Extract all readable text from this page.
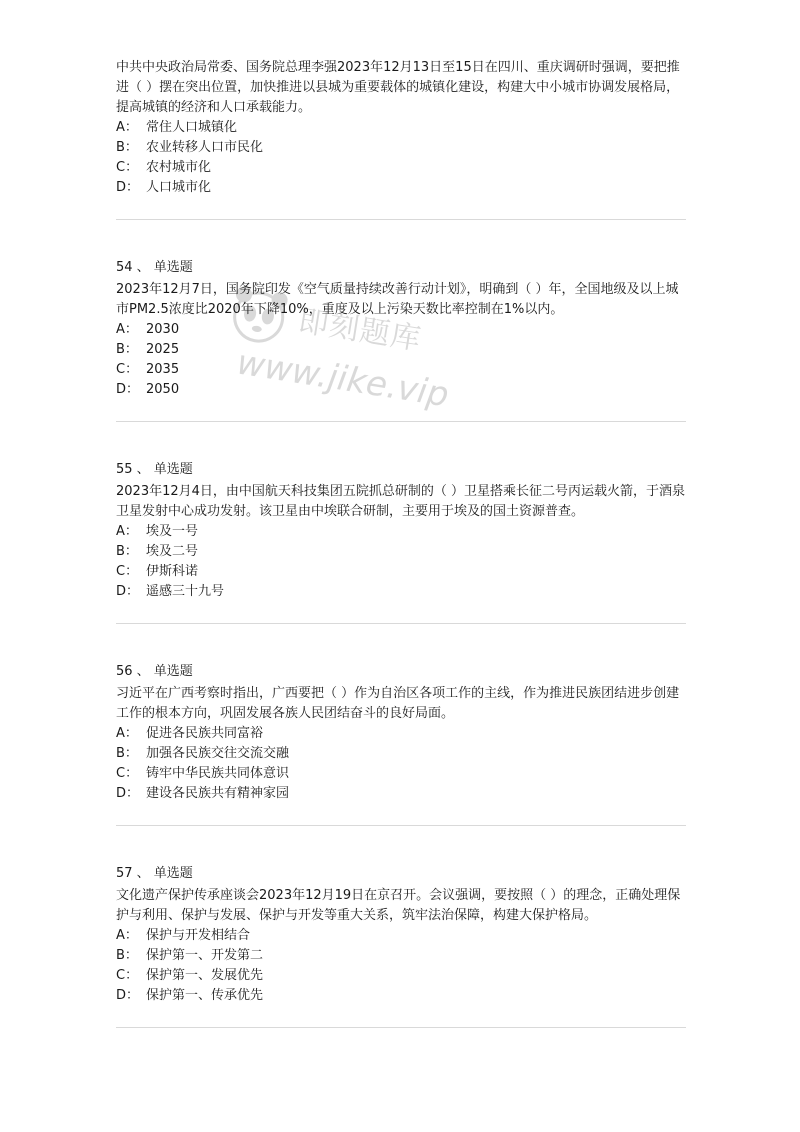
即刻题库
www.jike.vip
中共中央政治局常委、国务院总理李强2023年12月13日至15日在四川、重庆调研时强调，要把推进（ ）摆在突出位置，加快推进以县城为重要载体的城镇化建设，构建大中小城市协调发展格局，提高城镇的经济和人口承载能力。
A： 常住人口城镇化
B： 农业转移人口市民化
C： 农村城市化
D： 人口城市化
54 、 单选题
2023年12月7日，国务院印发《空气质量持续改善行动计划》，明确到（ ）年，全国地级及以上城市PM2.5浓度比2020年下降10%，重度及以上污染天数比率控制在1%以内。
A： 2030
B： 2025
C： 2035
D： 2050
55 、 单选题
2023年12月4日，由中国航天科技集团五院抓总研制的（ ）卫星搭乘长征二号丙运载火箭，于酒泉卫星发射中心成功发射。该卫星由中埃联合研制，主要用于埃及的国土资源普查。
A： 埃及一号
B： 埃及二号
C： 伊斯科诺
D： 遥感三十九号
56 、 单选题
习近平在广西考察时指出，广西要把（ ）作为自治区各项工作的主线，作为推进民族团结进步创建工作的根本方向，巩固发展各族人民团结奋斗的良好局面。
A： 促进各民族共同富裕
B： 加强各民族交往交流交融
C： 铸牢中华民族共同体意识
D： 建设各民族共有精神家园
57 、 单选题
文化遗产保护传承座谈会2023年12月19日在京召开。会议强调，要按照（ ）的理念，正确处理保护与利用、保护与发展、保护与开发等重大关系，筑牢法治保障，构建大保护格局。
A： 保护与开发相结合
B： 保护第一、开发第二
C： 保护第一、发展优先
D： 保护第一、传承优先
